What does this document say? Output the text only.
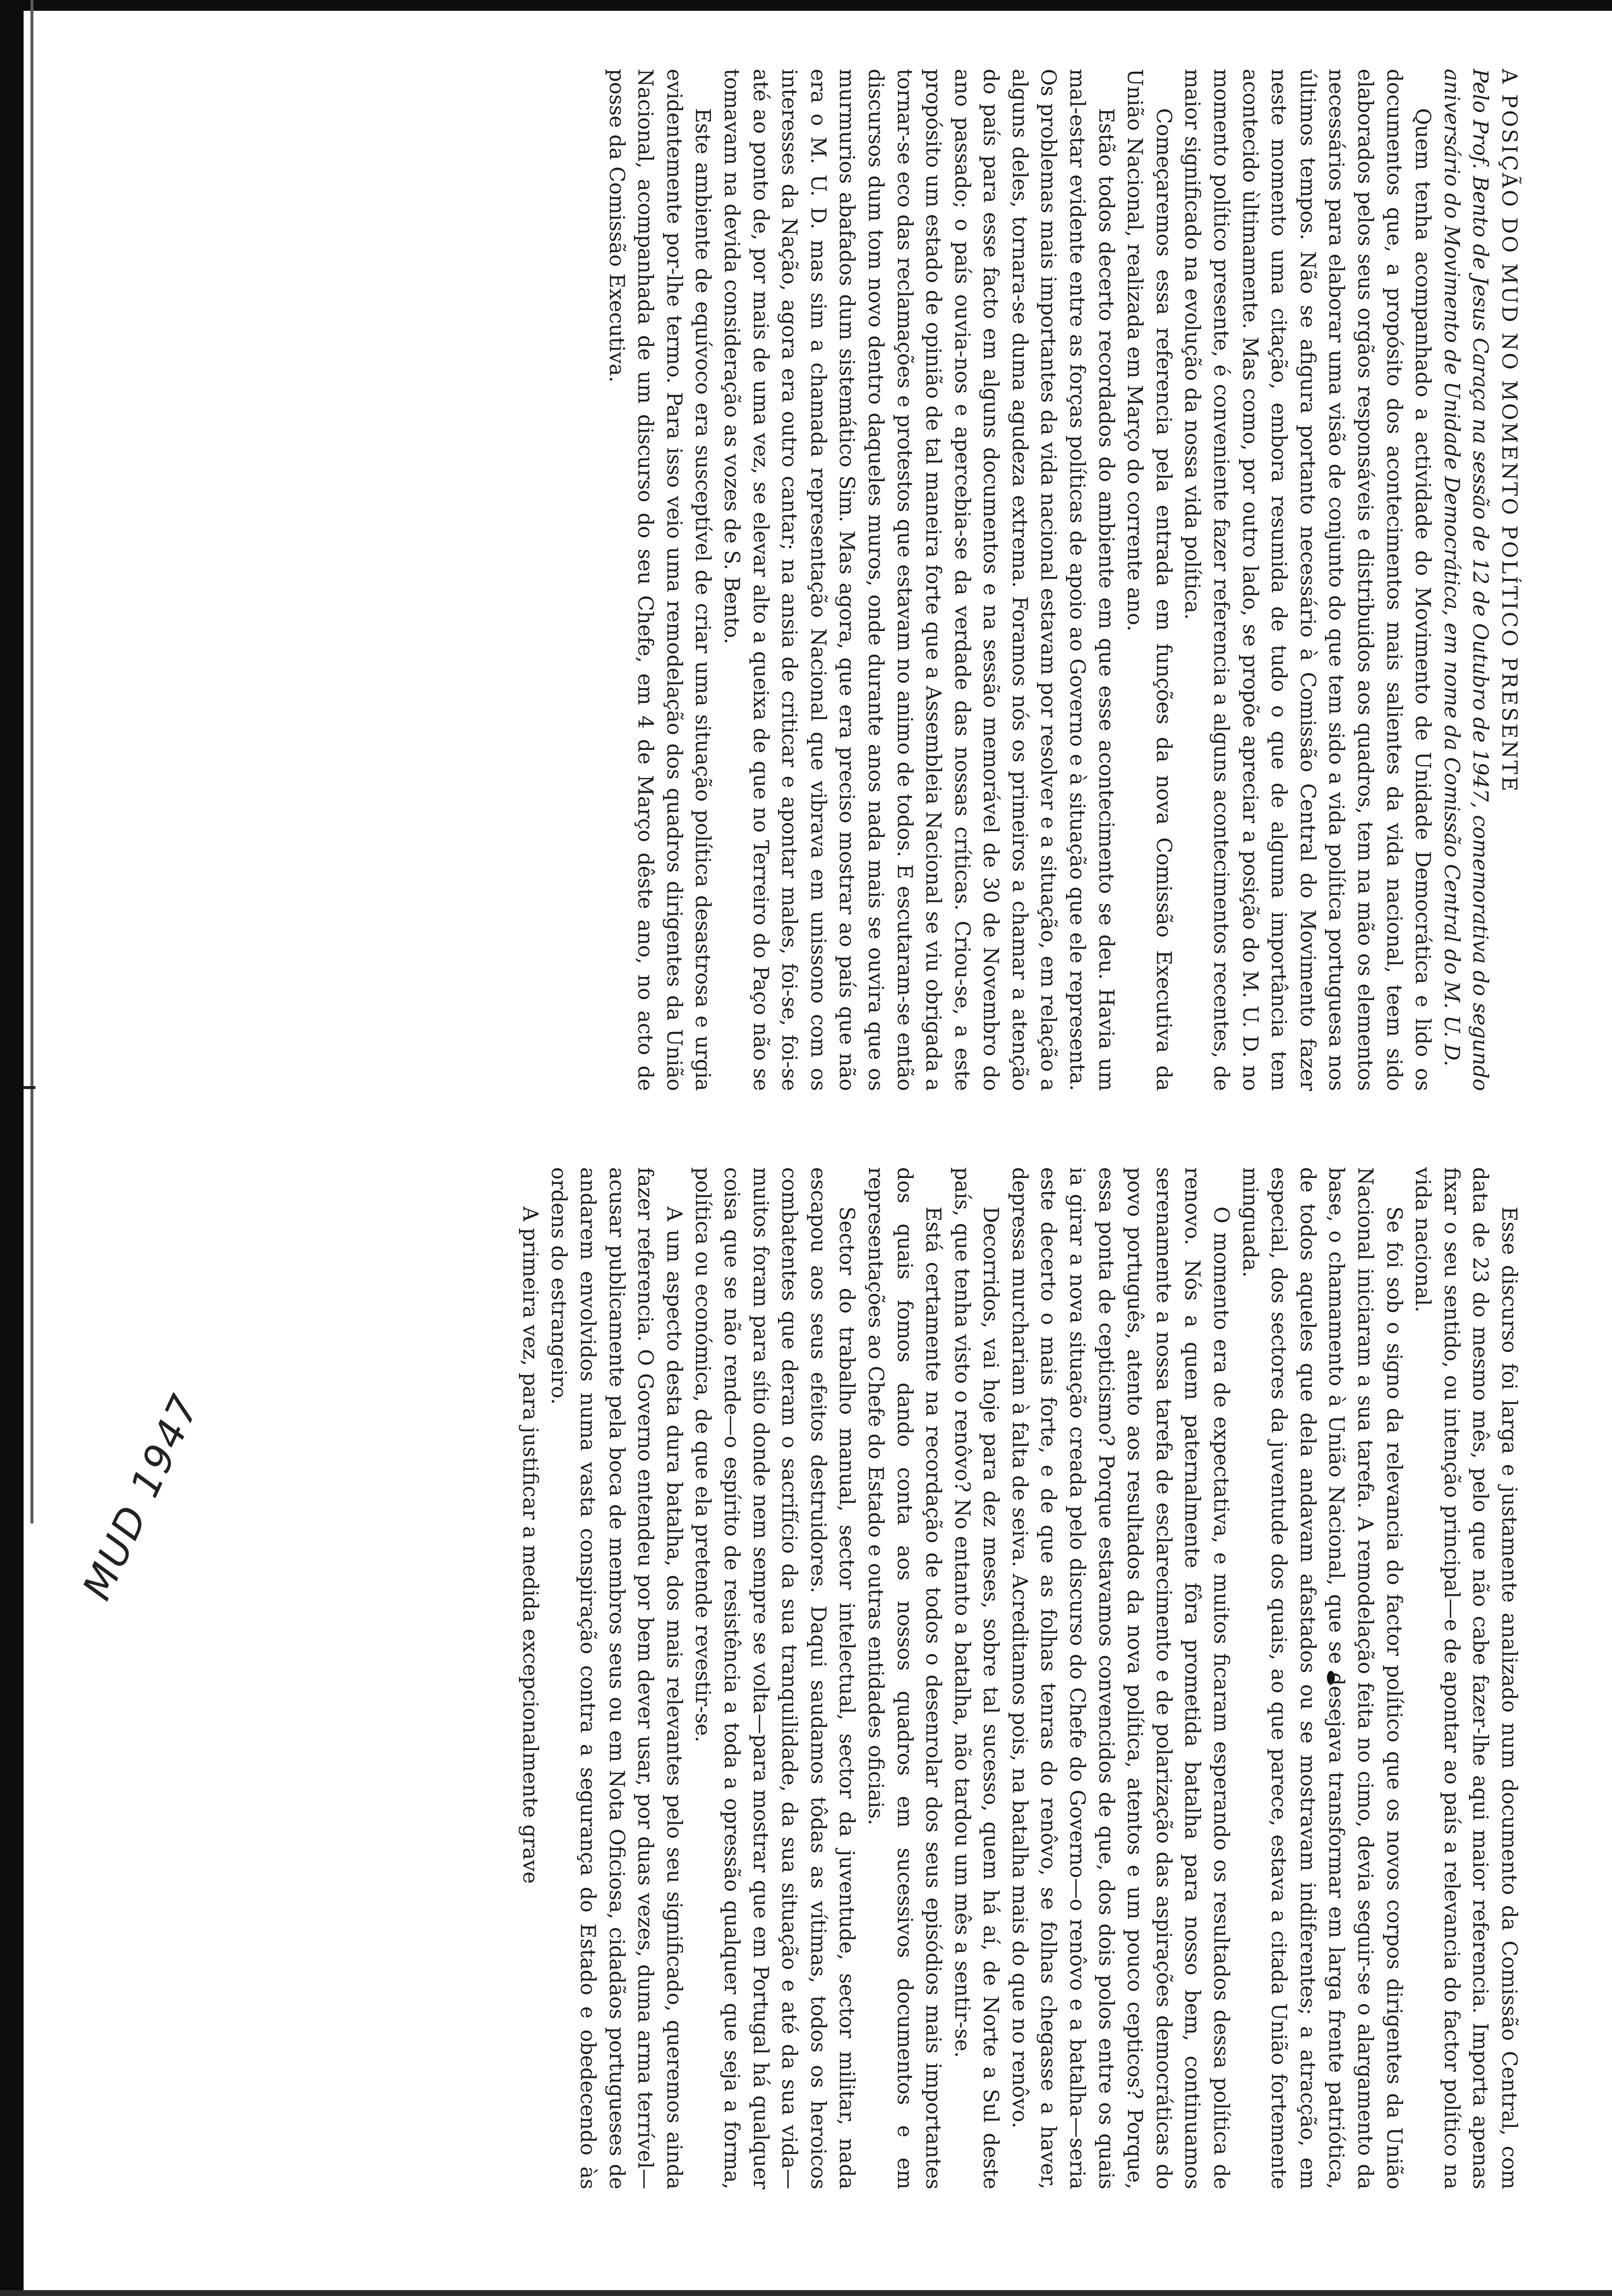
A POSIÇÃO DO MUD NO MOMENTO POLÍTICO PRESENTE

Pelo Prof. Bento de Jesus Caraça na sessão de 12 de Outubro de 1947, comemorativa do segundo aniversário do Movimento de Unidade Democrática, em nome da Comissão Central do M. U. D.

Quem tenha acompanhado a actividade do Movimento de Unidade Democrática e lido os documentos que, a propósito dos acontecimentos mais salientes da vida nacional, teem sido elaborados pelos seus orgãos responsáveis e distribuidos aos quadros, tem na mão os elementos necessários para elaborar uma visão de conjunto do que tem sido a vida política portuguesa nos últimos tempos. Não se afigura portanto necessário à Comissão Central do Movimento fazer neste momento uma citação, embora resumida de tudo o que de alguma importância tem acontecido ùltimamente. Mas como, por outro lado, se propõe apreciar a posição do M. U. D. no momento político presente, é conveniente fazer referencia a alguns acontecimentos recentes, de maior significado na evolução da nossa vida política.

Começaremos essa referencia pela entrada em funções da nova Comissão Executiva da União Nacional, realizada em Março do corrente ano.

Estão todos decerto recordados do ambiente em que esse acontecimento se deu. Havia um mal-estar evidente entre as forças políticas de apoio ao Governo e à situação que ele representa. Os problemas mais importantes da vida nacional estavam por resolver e a situação, em relação a alguns deles, tornara-se duma agudeza extrema. Foramos nós os primeiros a chamar a atenção do país para esse facto em alguns documentos e na sessão memorável de 30 de Novembro do ano passado; o país ouvia-nos e apercebia-se da verdade das nossas críticas. Criou-se, a este propósito um estado de opinião de tal maneira forte que a Assembleia Nacional se viu obrigada a tornar-se eco das reclamações e protestos que estavam no animo de todos. E escutaram-se então discursos dum tom novo dentro daqueles muros, onde durante anos nada mais se ouvira que os murmurios abafados dum sistemático Sim. Mas agora, que era preciso mostrar ao país que não era o M. U. D. mas sim a chamada representação Nacional que vibrava em unissono com os interesses da Nação, agora era outro cantar; na ansia de criticar e apontar males, foi-se, foi-se até ao ponto de, por mais de uma vez, se elevar alto a queixa de que no Terreiro do Paço não se tomavam na devida consideração as vozes de S. Bento.

Este ambiente de equívoco era susceptível de criar uma situação política desastrosa e urgia evidentemente por-lhe termo. Para isso veio uma remodelação dos quadros dirigentes da União Nacional, acompanhada de um discurso do seu Chefe, em 4 de Março dêste ano, no acto de posse da Comissão Executiva.

Esse discurso foi larga e justamente analizado num documento da Comissão Central, com data de 23 do mesmo mês, pelo que não cabe fazer-lhe aqui maior referencia. Importa apenas fixar o seu sentido, ou intenção principal—e de apontar ao país a relevancia do factor político na vida nacional.

Se foi sob o signo da relevancia do factor político que os novos corpos dirigentes da União Nacional iniciaram a sua tarefa. A remodelação feita no cimo, devia seguir-se o alargamento da base, o chamamento à União Nacional, que se desejava transformar em larga frente patriótica, de todos aqueles que dela andavam afastados ou se mostravam indiferentes; a atracção, em especial, dos sectores da juventude dos quais, ao que parece, estava a citada União fortemente minguada.

O momento era de expectativa, e muitos ficaram esperando os resultados dessa política de renovo. Nós a quem paternalmente fôra prometida batalha para nosso bem, continuamos serenamente a nossa tarefa de esclarecimento e de polarização das aspirações democráticas do povo português, atento aos resultados da nova política, atentos e um pouco cepticos? Porque, essa ponta de cepticismo? Porque estavamos convencidos de que, dos dois polos entre os quais ia girar a nova situação creada pelo discurso do Chefe do Governo—o renôvo e a batalha—seria este decerto o mais forte, e de que as folhas tenras do renôvo, se folhas chegasse a haver, depressa murchariam à falta de seiva. Acreditamos pois, na batalha mais do que no renôvo.

Decorridos, vai hoje para dez meses, sobre tal sucesso, quem há aí, de Norte a Sul deste país, que tenha visto o renôvo? No entanto a batalha, não tardou um mês a sentir-se.

Está certamente na recordação de todos o desenrolar dos seus episódios mais importantes dos quais fomos dando conta aos nossos quadros em sucessivos documentos e em representações ao Chefe do Estado e outras entidades oficiais.

Sector do trabalho manual, sector intelectual, sector da juventude, sector militar, nada escapou aos seus efeitos destruidores. Daqui saudamos tôdas as vítimas, todos os heroicos combatentes que deram o sacrifício da sua tranquilidade, da sua situação e até da sua vida—muitos foram para sítio donde nem sempre se volta—para mostrar que em Portugal há qualquer coisa que se não rende—o espírito de resistência a toda a opressão qualquer que seja a forma, política ou económica, de que ela pretende revestir-se.

A um aspecto desta dura batalha, dos mais relevantes pelo seu significado, queremos ainda fazer referencia. O Governo entendeu por bem dever usar, por duas vezes, duma arma terrível—acusar publicamente pela boca de membros seus ou em Nota Oficiosa, cidadãos portugueses de andarem envolvidos numa vasta conspiração contra a segurança do Estado e obedecendo às ordens do estrangeiro.

A primeira vez, para justificar a medida excepcionalmente grave

MUD 1947
